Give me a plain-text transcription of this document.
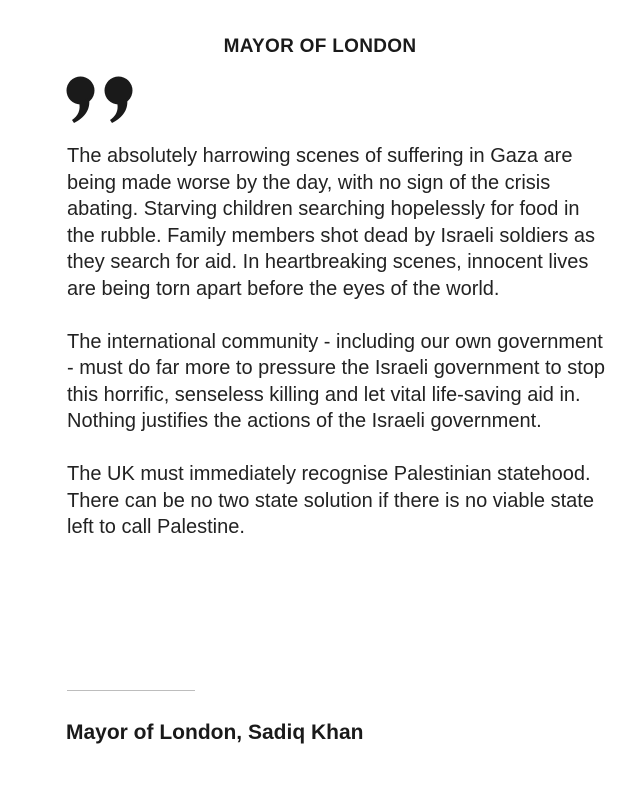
MAYOR OF LONDON

The absolutely harrowing scenes of suffering in Gaza are being made worse by the day, with no sign of the crisis abating. Starving children searching hopelessly for food in the rubble. Family members shot dead by Israeli soldiers as they search for aid. In heartbreaking scenes, innocent lives are being torn apart before the eyes of the world.

The international community - including our own government - must do far more to pressure the Israeli government to stop this horrific, senseless killing and let vital life-saving aid in. Nothing justifies the actions of the Israeli government.

The UK must immediately recognise Palestinian statehood. There can be no two state solution if there is no viable state left to call Palestine.

Mayor of London, Sadiq Khan
